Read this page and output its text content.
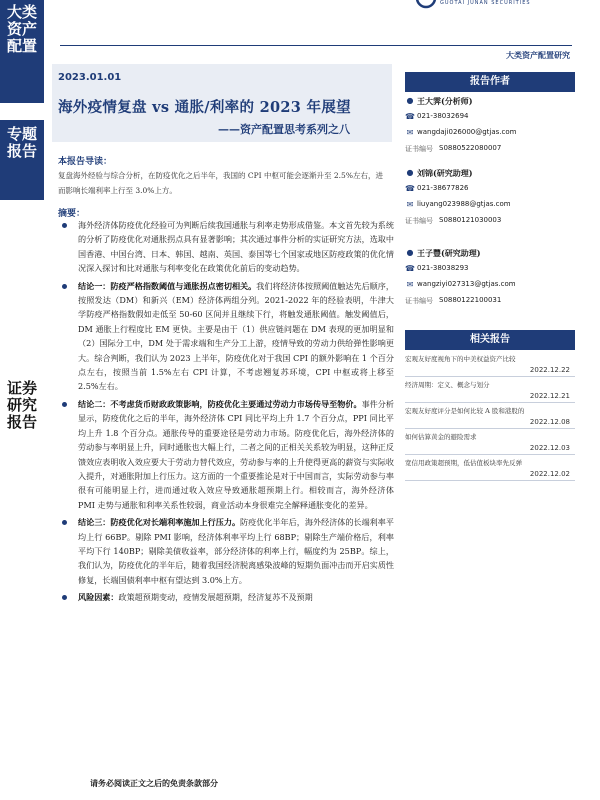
大类资产配置
专题报告
证券研究报告
GUOTAI JUNAN SECURITIES
大类资产配置研究
2023.01.01
海外疫情复盘 vs 通胀/利率的 2023 年展望
——资产配置思考系列之八
本报告导读：
复盘海外经验与综合分析，在防疫优化之后半年，我国的 CPI 中枢可能会逐渐升至 2.5%左右，进而影响长端利率上行至 3.0%上方。
摘要：
海外经济体防疫优化经验可为判断后续我国通胀与利率走势形成借鉴。本文首先较为系统的分析了防疫优化对通胀拐点具有显著影响；其次通过事件分析的实证研究方法，选取中国香港、中国台湾、日本、韩国、越南、英国、泰国等七个国家或地区防疫政策的优化情况深入探讨和比对通胀与利率变化在政策优化前后的变动趋势。
结论一：防疫严格指数阈值与通胀拐点密切相关。我们将经济体按照阈值触达先后顺序，按照发达（DM）和新兴（EM）经济体两组分列。2021-2022 年的经验表明，牛津大学防疫严格指数假如走低至 50-60 区间并且继续下行，将触发通胀阈值。触发阈值后，DM 通胀上行程度比 EM 更快。主要是由于（1）供应链问题在 DM 表现的更加明显和（2）国际分工中，DM 处于需求端和生产分工上游，疫情导致的劳动力供给弹性影响更大。综合判断，我们认为 2023 上半年，防疫优化对于我国 CPI 的额外影响在 1 个百分点左右，按照当前 1.5%左右 CPI 计算，不考虑翘复苏环境，CPI 中枢或将上移至 2.5%左右。
结论二：不考虑货币财政政策影响，防疫优化主要通过劳动力市场传导至物价。事件分析显示，防疫优化之后的半年，海外经济体 CPI 同比平均上升 1.7 个百分点，PPI 同比平均上升 1.8 个百分点。通胀传导的重要途径是劳动力市场。防疫优化后，海外经济体的劳动参与率明显上升，同时通胀也大幅上行，二者之间的正相关关系较为明显，这种正反馈效应表明收入效应要大于劳动力替代效应，劳动参与率的上升使得更高的薪资与实际收入提升，对通胀附加上行压力。这方面的一个重要推论是对于中国而言，实际劳动参与率很有可能明显上行，进而通过收入效应导致通胀超预期上行。相较而言，海外经济体 PMI 走势与通胀和利率关系性较弱，商业活动本身很难完全解释通胀变化的差异。
结论三：防疫优化对长端利率施加上行压力。防疫优化半年后，海外经济体的长端利率平均上行 66BP。剔除 PMI 影响，经济体利率平均上行 68BP；剔除生产端价格后，利率平均下行 140BP；剔除美债收益率，部分经济体的利率上行，幅度约为 25BP。综上，我们认为，防疫优化的半年后，随着我国经济脱离感染波峰的短期负面冲击而开启实质性修复，长端国债利率中枢有望达到 3.0%上方。
风险因素：政策超预期变动，疫情发展超预期，经济复苏不及预期
报告作者
● 王大霁(分析师)
☎ 021-38032694
✉ wangdaji026000@gtjas.com
证书编号 S0880522080007
● 刘锦(研究助理)
☎ 021-38677826
✉ liuyang023988@gtjas.com
证书编号 S0880121030003
● 王子豐(研究助理)
☎ 021-38038293
✉ wangziyi027313@gtjas.com
证书编号 S0880122100031
相关报告
宏观友好度视角下的中美权益资产比较
2022.12.22
经济周期：定义、概念与划分
2022.12.21
宏观友好度评分是如何比较 A 股和港股的
2022.12.08
如何估算黄金的避险需求
2022.12.03
宽信用政策超预期，低估值板块率先反弹
2022.12.02
请务必阅读正文之后的免责条款部分
